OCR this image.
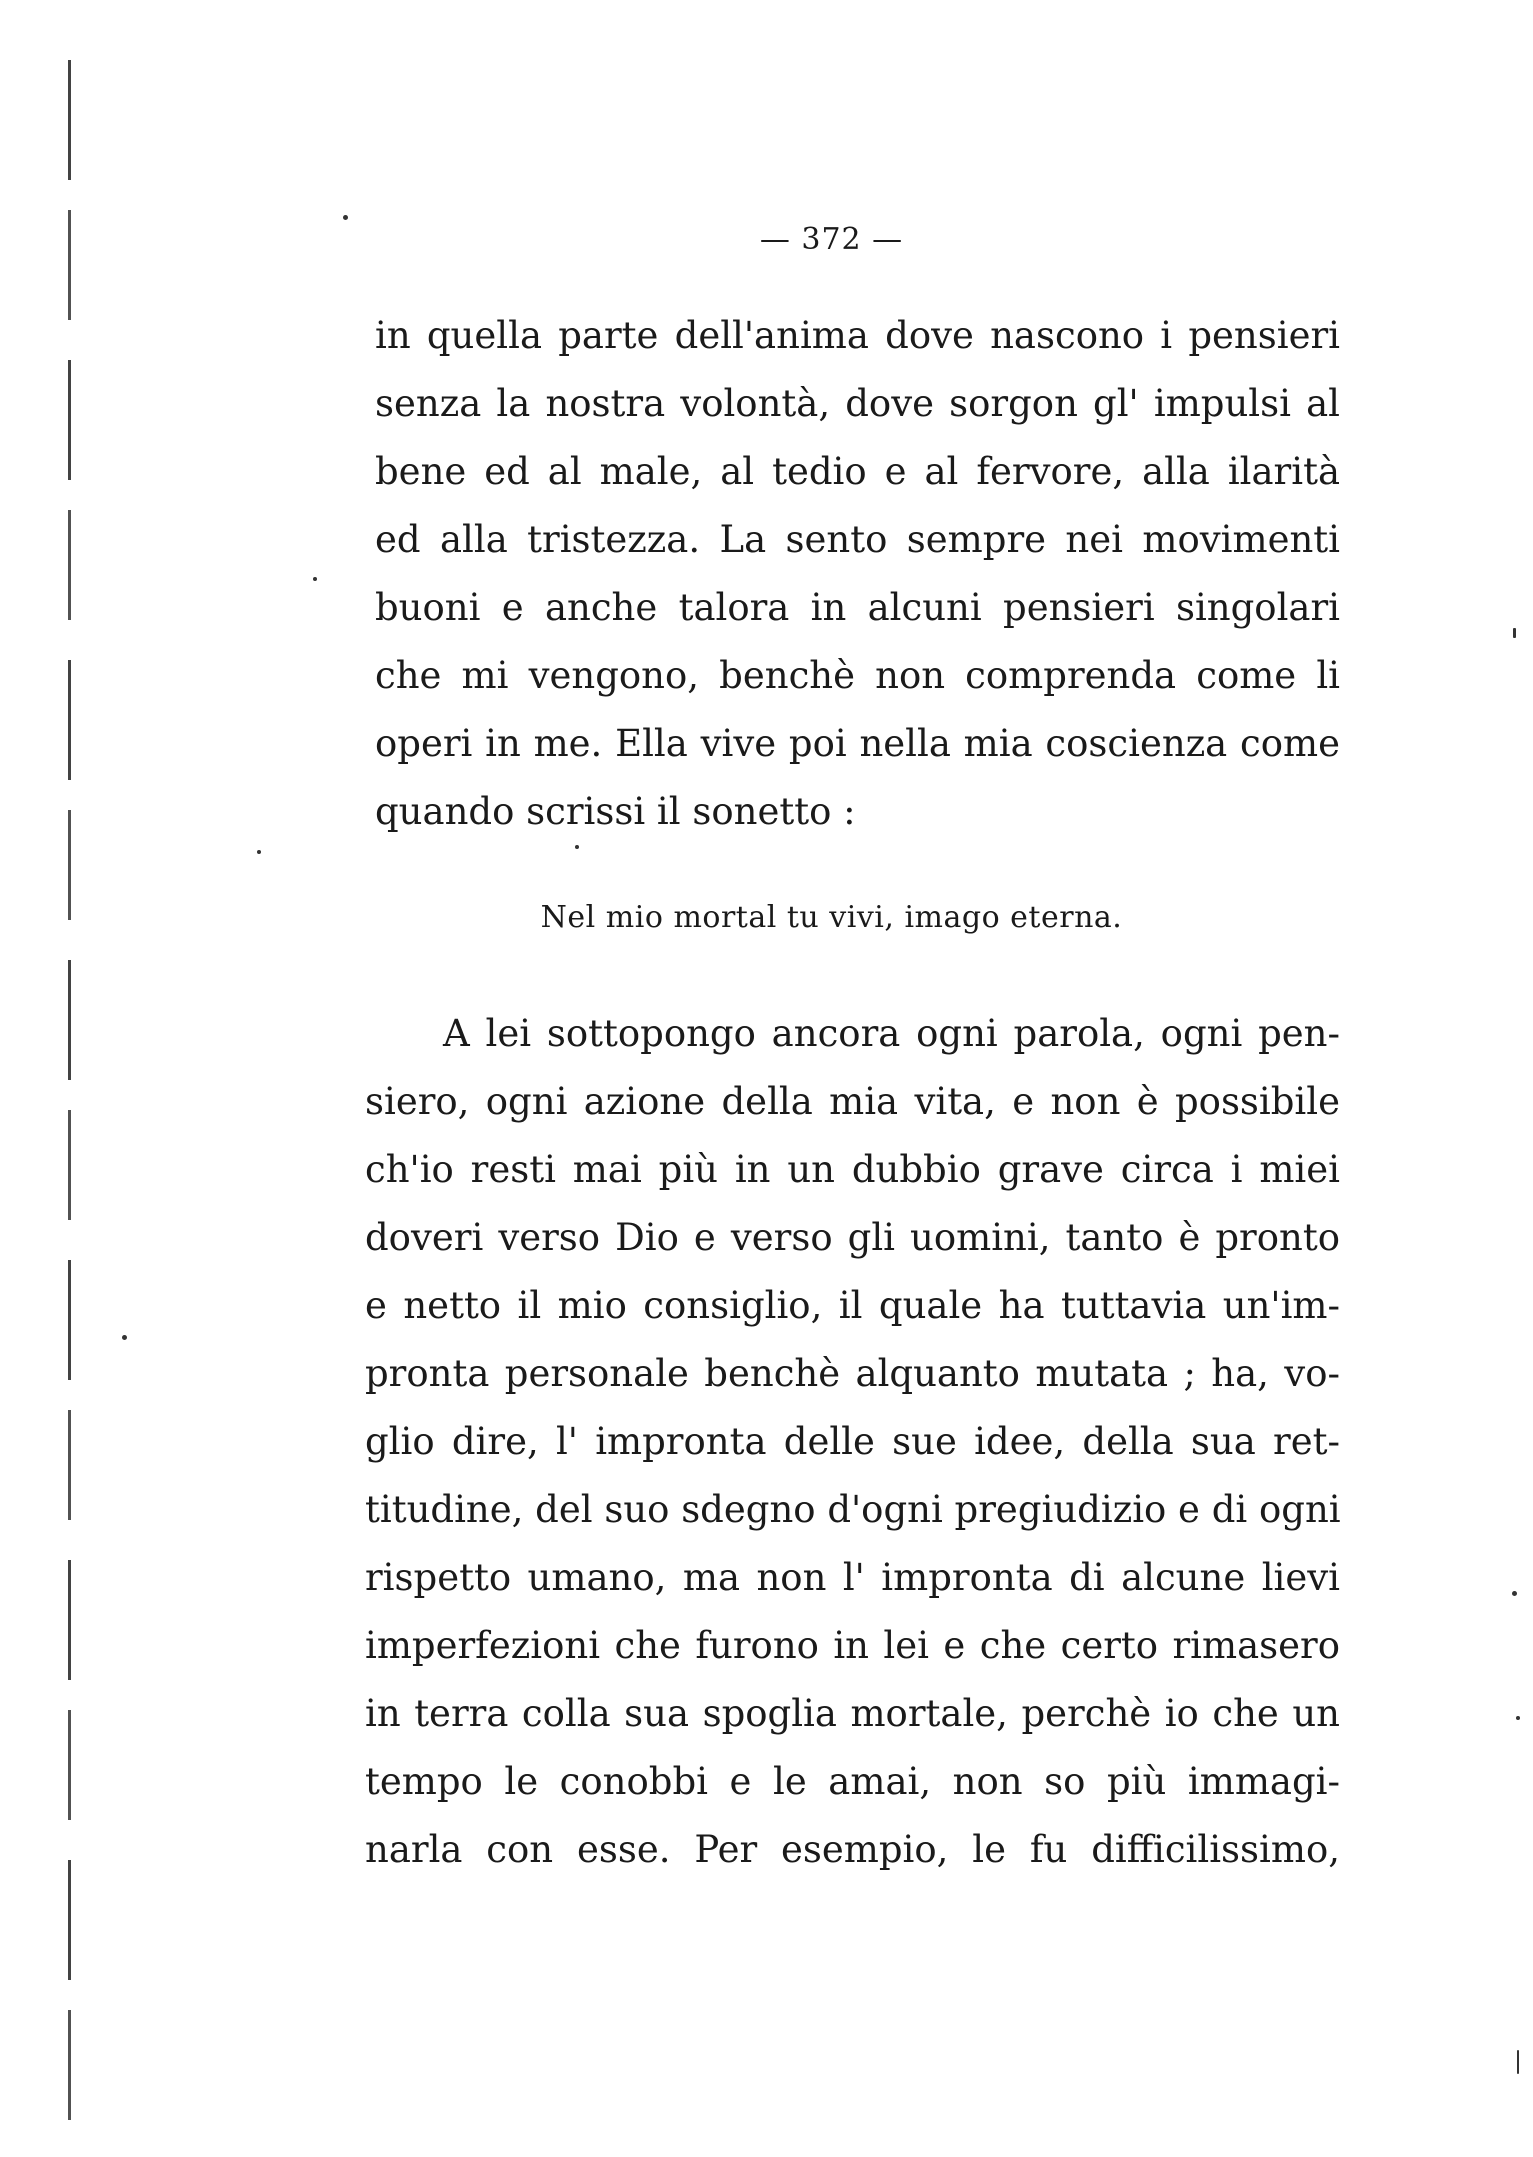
— 372 —
in quella parte dell'anima dove nascono i pensieri
senza la nostra volontà, dove sorgon gl' impulsi al
bene ed al male, al tedio e al fervore, alla ilarità
ed alla tristezza. La sento sempre nei movimenti
buoni e anche talora in alcuni pensieri singolari
che mi vengono, benchè non comprenda come li
operi in me. Ella vive poi nella mia coscienza come
quando scrissi il sonetto :
Nel mio mortal tu vivi, imago eterna.
A lei sottopongo ancora ogni parola, ogni pen-
siero, ogni azione della mia vita, e non è possibile
ch'io resti mai più in un dubbio grave circa i miei
doveri verso Dio e verso gli uomini, tanto è pronto
e netto il mio consiglio, il quale ha tuttavia un'im-
pronta personale benchè alquanto mutata ; ha, vo-
glio dire, l' impronta delle sue idee, della sua ret-
titudine, del suo sdegno d'ogni pregiudizio e di ogni
rispetto umano, ma non l' impronta di alcune lievi
imperfezioni che furono in lei e che certo rimasero
in terra colla sua spoglia mortale, perchè io che un
tempo le conobbi e le amai, non so più immagi-
narla con esse. Per esempio, le fu difficilissimo,
